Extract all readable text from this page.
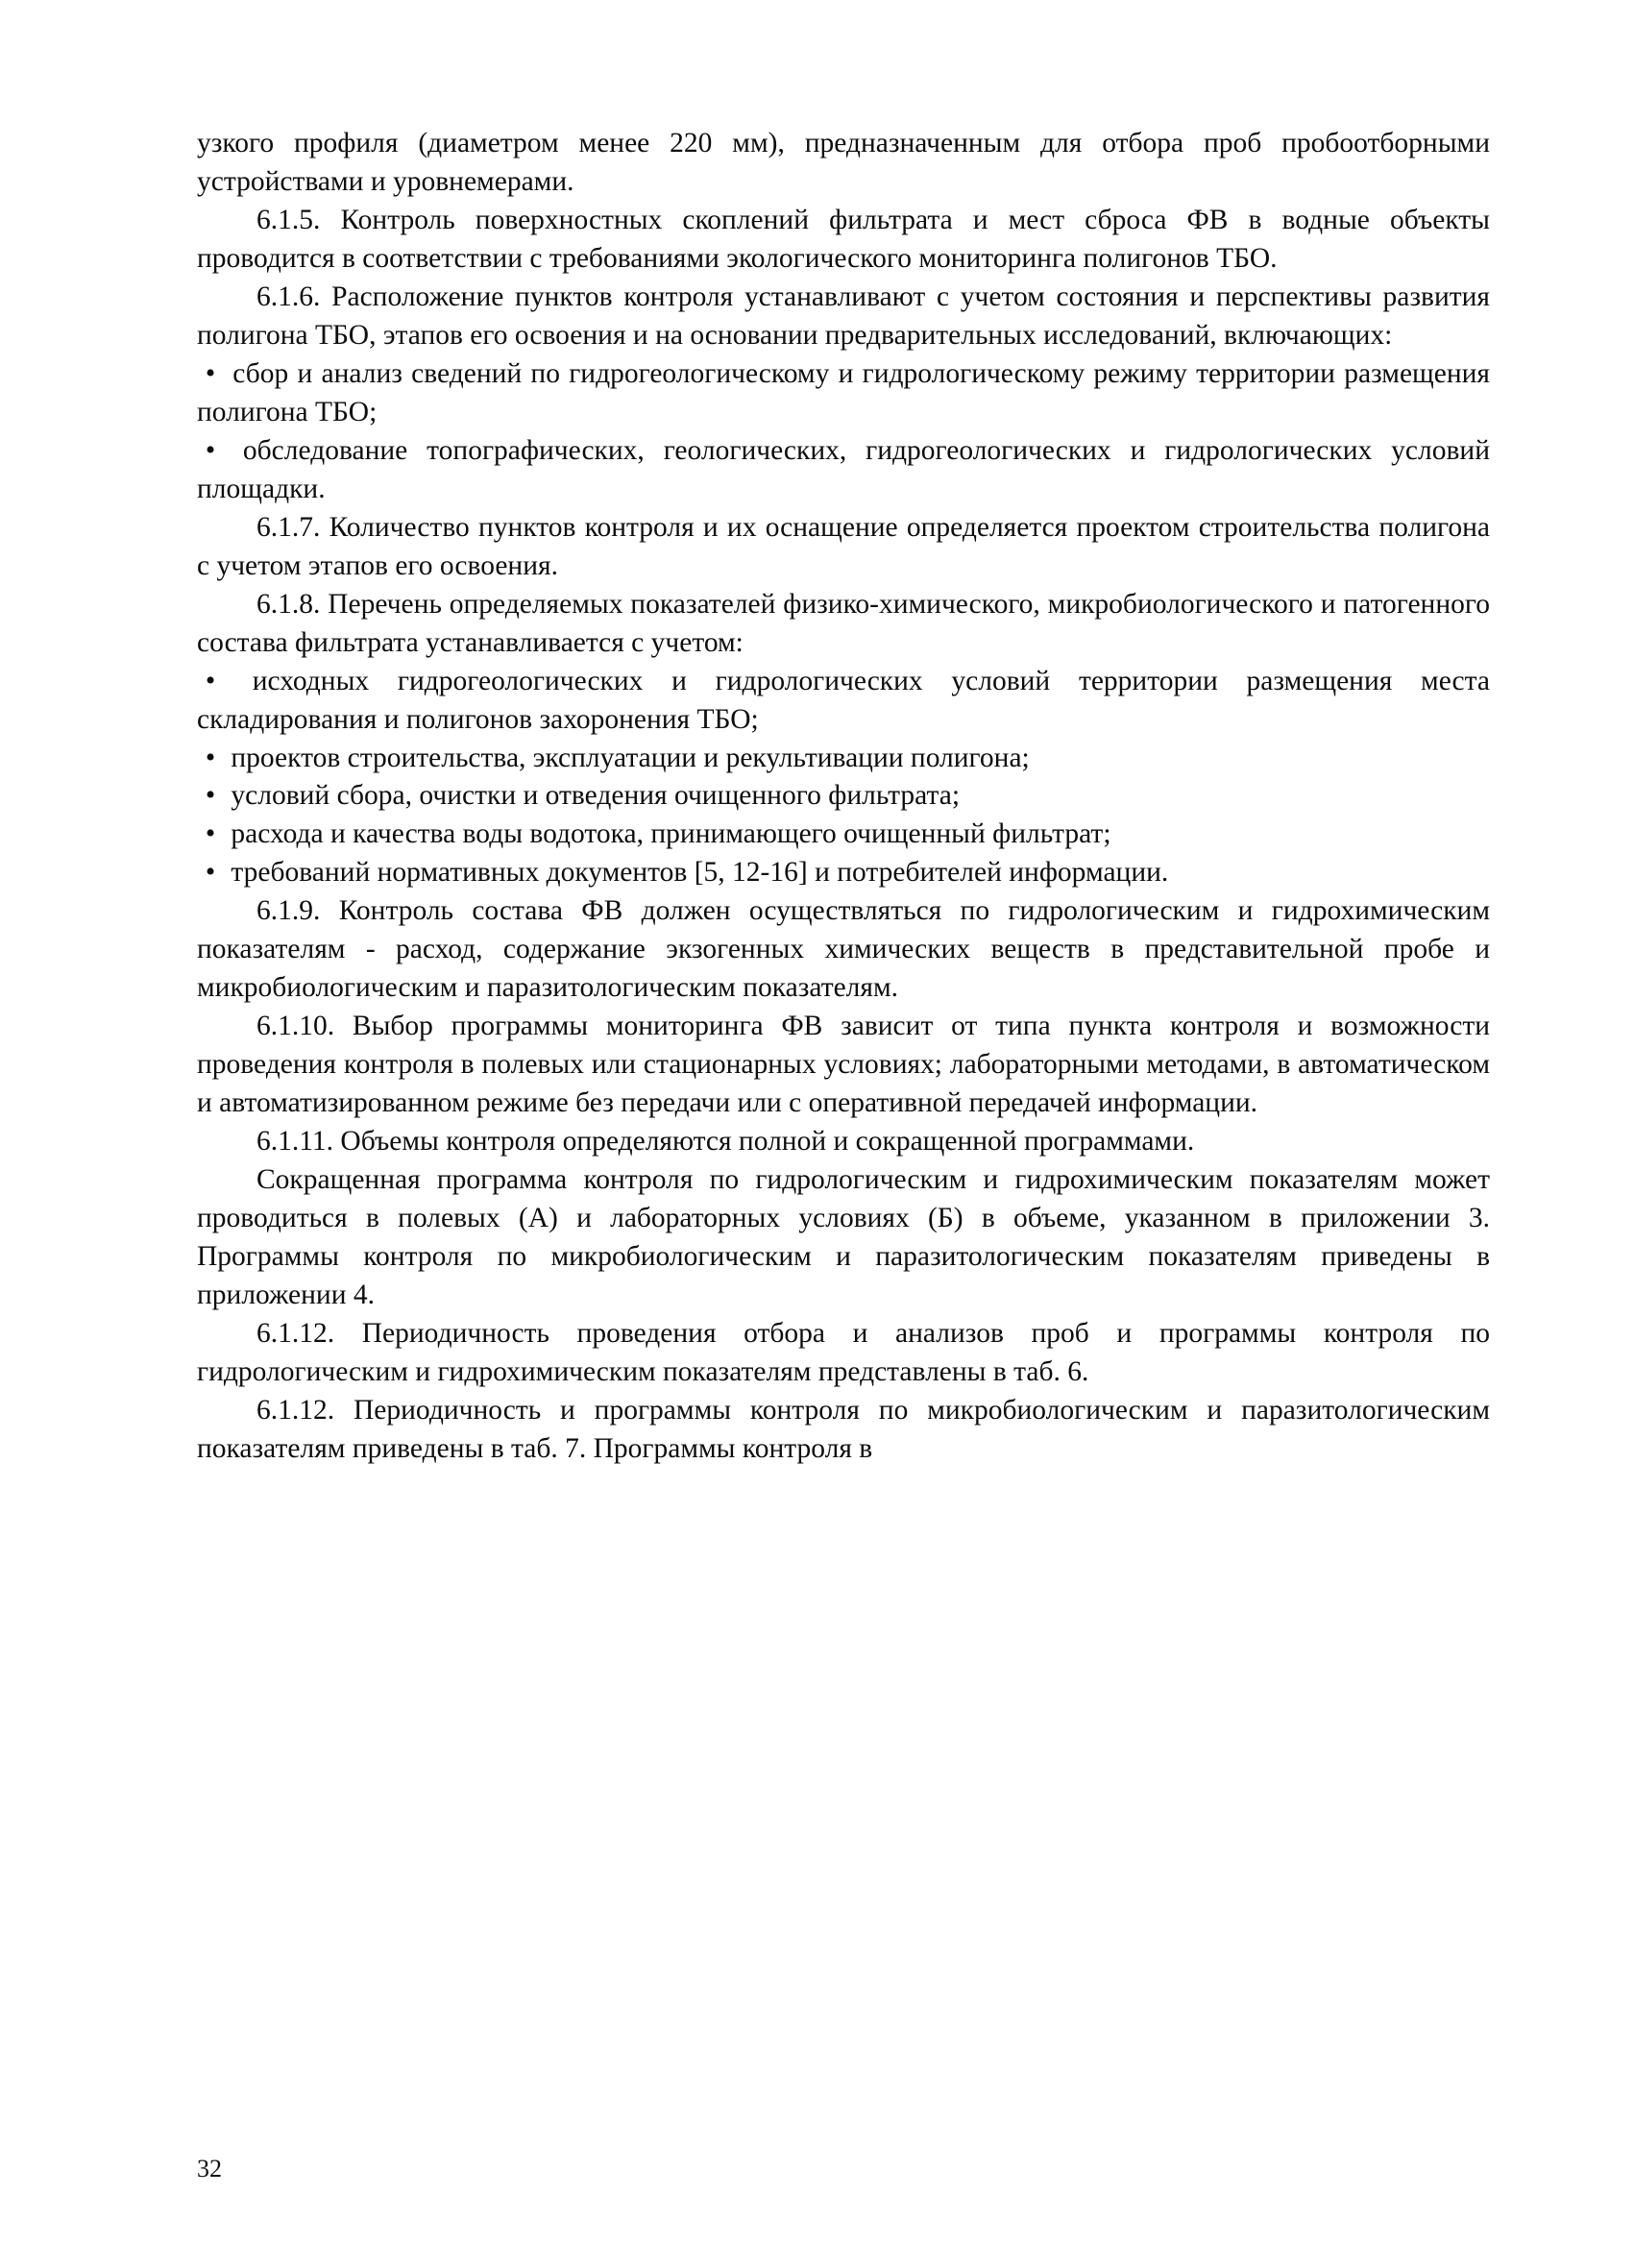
узкого профиля (диаметром менее 220 мм), предназначенным для отбора проб пробоотборными устройствами и уровнемерами.

6.1.5. Контроль поверхностных скоплений фильтрата и мест сброса ФВ в водные объекты проводится в соответствии с требованиями экологического мониторинга полигонов ТБО.

6.1.6. Расположение пунктов контроля устанавливают с учетом состояния и перспективы развития полигона ТБО, этапов его освоения и на основании предварительных исследований, включающих:

• сбор и анализ сведений по гидрогеологическому и гидрологическому режиму территории размещения полигона ТБО;

• обследование топографических, геологических, гидрогеологических и гидрологических условий площадки.

6.1.7. Количество пунктов контроля и их оснащение определяется проектом строительства полигона с учетом этапов его освоения.

6.1.8. Перечень определяемых показателей физико-химического, микробиологического и патогенного состава фильтрата устанавливается с учетом:

• исходных гидрогеологических и гидрологических условий территории размещения места складирования и полигонов захоронения ТБО;

• проектов строительства, эксплуатации и рекультивации полигона;

• условий сбора, очистки и отведения очищенного фильтрата;

• расхода и качества воды водотока, принимающего очищенный фильтрат;

• требований нормативных документов [5, 12-16] и потребителей информации.

6.1.9. Контроль состава ФВ должен осуществляться по гидрологическим и гидрохимическим показателям - расход, содержание экзогенных химических веществ в представительной пробе и микробиологическим и паразитологическим показателям.

6.1.10. Выбор программы мониторинга ФВ зависит от типа пункта контроля и возможности проведения контроля в полевых или стационарных условиях; лабораторными методами, в автоматическом и автоматизированном режиме без передачи или с оперативной передачей информации.

6.1.11. Объемы контроля определяются полной и сокращенной программами.

Сокращенная программа контроля по гидрологическим и гидрохимическим показателям может проводиться в полевых (А) и лабораторных условиях (Б) в объеме, указанном в приложении 3. Программы контроля по микробиологическим и паразитологическим показателям приведены в приложении 4.

6.1.12. Периодичность проведения отбора и анализов проб и программы контроля по гидрологическим и гидрохимическим показателям представлены в таб. 6.

6.1.12. Периодичность и программы контроля по микробиологическим и паразитологическим показателям приведены в таб. 7. Программы контроля в

32
